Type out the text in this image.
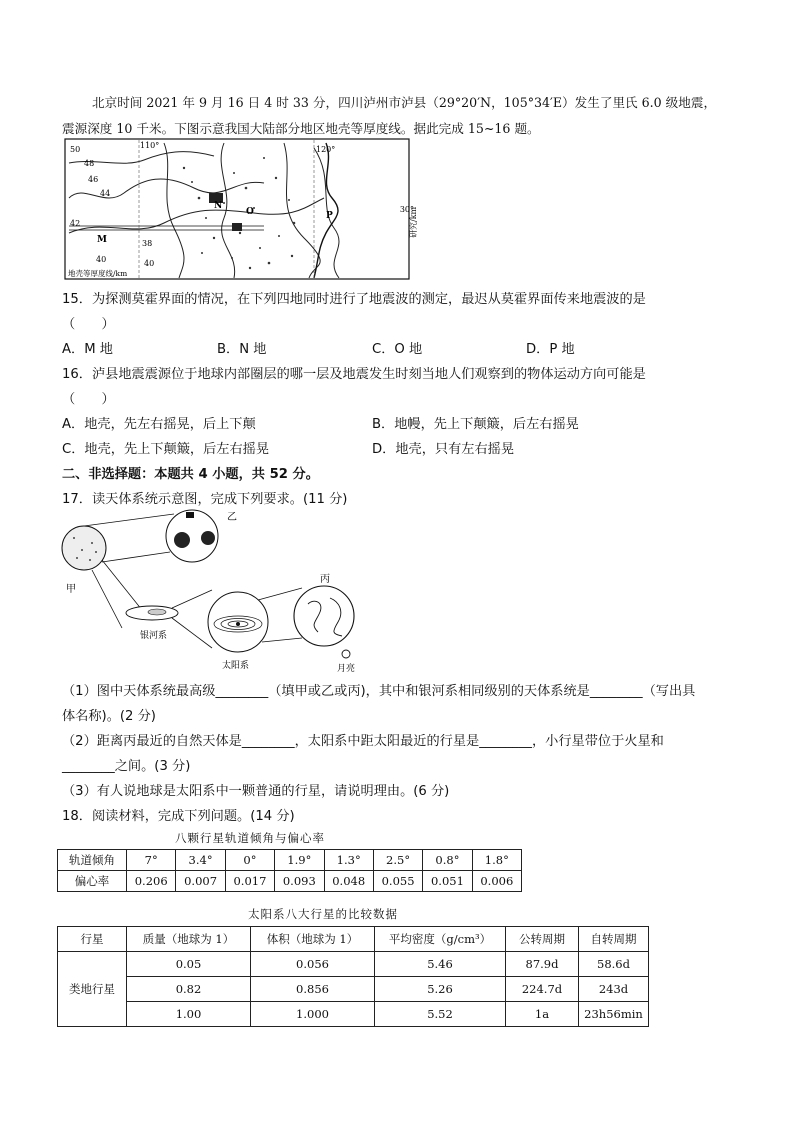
北京时间 2021 年 9 月 16 日 4 时 33 分，四川泸州市泸县（29°20′N，105°34′E）发生了里氏 6.0 级地震，
震源深度 10 千米。下图示意我国大陆部分地区地壳等厚度线。据此完成 15~16 题。
50
48
46
44
42
40
38
110°	120°
30°
M
N
O	P
40
地壳等厚度线/km
研究/km
15．为探测莫霍界面的情况，在下列四地同时进行了地震波的测定，最迟从莫霍界面传来地震波的是
（　　）
A．M 地	B．N 地	C．O 地	D．P 地
16．泸县地震震源位于地球内部圈层的哪一层及地震发生时刻当地人们观察到的物体运动方向可能是
（　　）
A．地壳，先左右摇晃，后上下颠	B．地幔，先上下颠簸，后左右摇晃
C．地壳，先上下颠簸，后左右摇晃	D．地壳，只有左右摇晃
二、非选择题：本题共 4 小题，共 52 分。
17．读天体系统示意图，完成下列要求。(11 分)
乙
甲
丙
银河系
太阳系	月亮
（1）图中天体系统最高级________（填甲或乙或丙)，其中和银河系相同级别的天体系统是________（写出具
体名称)。(2 分)
（2）距离丙最近的自然天体是________，太阳系中距太阳最近的行星是________，小行星带位于火星和
________之间。(3 分)
（3）有人说地球是太阳系中一颗普通的行星，请说明理由。(6 分)
18．阅读材料，完成下列问题。(14 分)
八颗行星轨道倾角与偏心率
轨道倾角	7°	3.4°	0°	1.9°	1.3°	2.5°	0.8°	1.8°
偏心率	0.206	0.007	0.017	0.093	0.048	0.055	0.051	0.006
太阳系八大行星的比较数据
行星	质量（地球为 1）	体积（地球为 1）	平均密度（g/cm³）	公转周期	自转周期
类地行星	0.05	0.056	5.46	87.9d	58.6d
	0.82	0.856	5.26	224.7d	243d
	1.00	1.000	5.52	1a	23h56min
